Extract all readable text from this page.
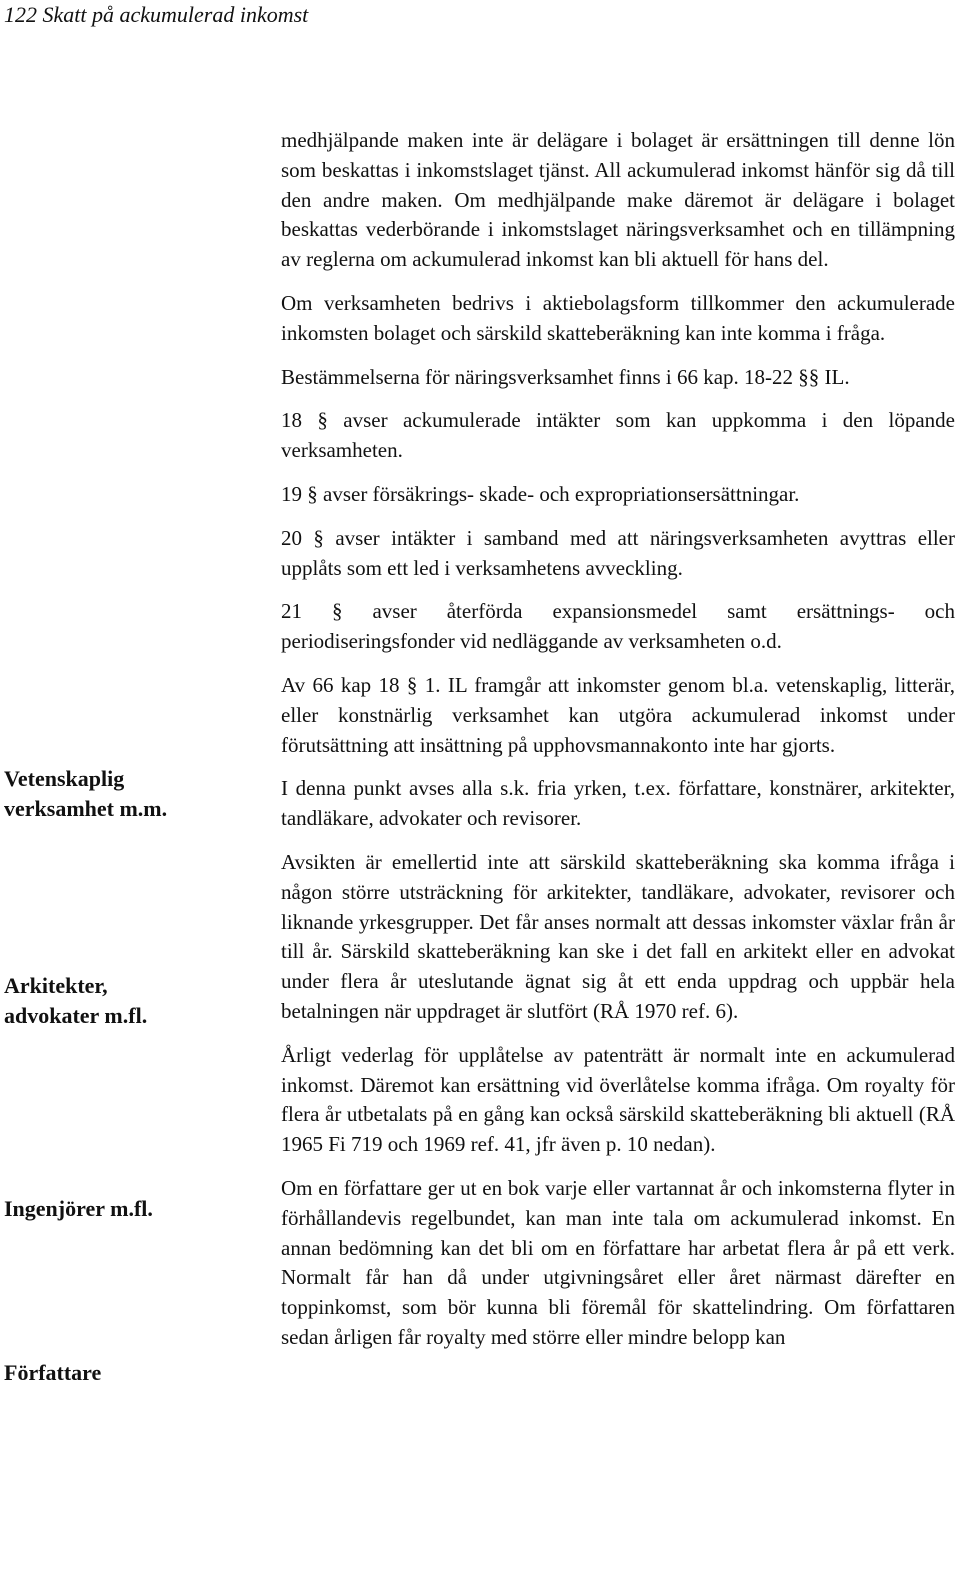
122 Skatt på ackumulerad inkomst
Vetenskaplig
verksamhet m.m.
Arkitekter,
advokater m.fl.
Ingenjörer m.fl.
Författare

medhjälpande maken inte är delägare i bolaget är ersättningen till denne lön som beskattas i inkomstslaget tjänst. All ackumulerad inkomst hänför sig då till den andre maken. Om medhjälpande make däremot är delägare i bolaget beskattas vederbörande i inkomstslaget näringsverksamhet och en tillämpning av reglerna om ackumulerad inkomst kan bli aktuell för hans del.

Om verksamheten bedrivs i aktiebolagsform tillkommer den ackumulerade inkomsten bolaget och särskild skatteberäkning kan inte komma i fråga.

Bestämmelserna för näringsverksamhet finns i 66 kap. 18-22 §§ IL.

18 § avser ackumulerade intäkter som kan uppkomma i den löpande verksamheten.

19 § avser försäkrings- skade- och expropriationsersättningar.

20 § avser intäkter i samband med att näringsverksamheten avyttras eller upplåts som ett led i verksamhetens avveckling.

21 § avser återförda expansionsmedel samt ersättnings- och periodiseringsfonder vid nedläggande av verksamheten o.d.

Av 66 kap 18 § 1. IL framgår att inkomster genom bl.a. vetenskaplig, litterär, eller konstnärlig verksamhet kan utgöra ackumulerad inkomst under förutsättning att insättning på upphovsmannakonto inte har gjorts.

I denna punkt avses alla s.k. fria yrken, t.ex. författare, konstnärer, arkitekter, tandläkare, advokater och revisorer.

Avsikten är emellertid inte att särskild skatteberäkning ska komma ifråga i någon större utsträckning för arkitekter, tandläkare, advokater, revisorer och liknande yrkesgrupper. Det får anses normalt att dessas inkomster växlar från år till år. Särskild skatteberäkning kan ske i det fall en arkitekt eller en advokat under flera år uteslutande ägnat sig åt ett enda uppdrag och uppbär hela betalningen när uppdraget är slutfört (RÅ 1970 ref. 6).

Årligt vederlag för upplåtelse av patenträtt är normalt inte en ackumulerad inkomst. Däremot kan ersättning vid överlåtelse komma ifråga. Om royalty för flera år utbetalats på en gång kan också särskild skatteberäkning bli aktuell (RÅ 1965 Fi 719 och 1969 ref. 41, jfr även p. 10 nedan).

Om en författare ger ut en bok varje eller vartannat år och inkomsterna flyter in förhållandevis regelbundet, kan man inte tala om ackumulerad inkomst. En annan bedömning kan det bli om en författare har arbetat flera år på ett verk. Normalt får han då under utgivningsåret eller året närmast därefter en toppinkomst, som bör kunna bli föremål för skattelindring. Om författaren sedan årligen får royalty med större eller mindre belopp kan
